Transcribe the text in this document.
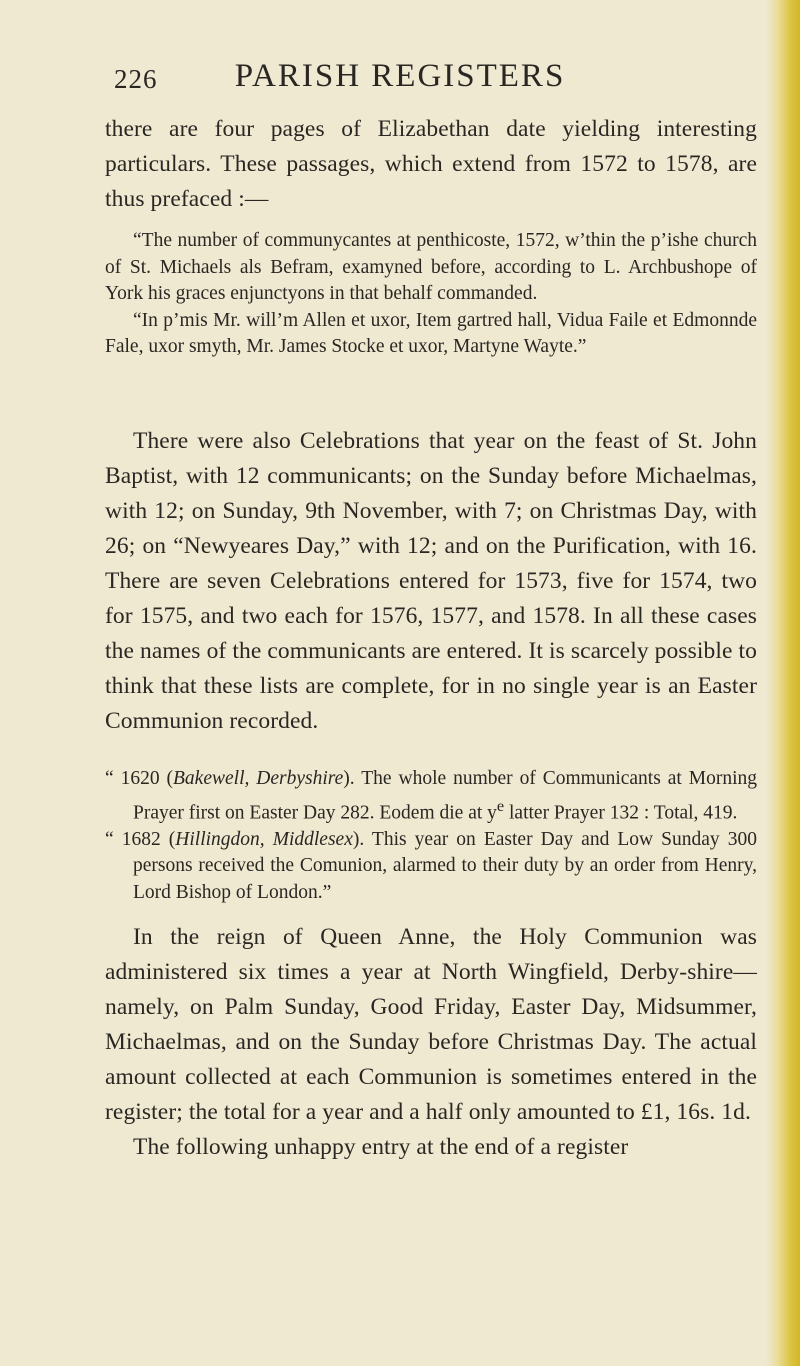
226	PARISH REGISTERS

there are four pages of Elizabethan date yielding interesting particulars. These passages, which extend from 1572 to 1578, are thus prefaced :—

“The number of communycantes at penthicoste, 1572, w’thin the p’ishe church of St. Michaels als Befram, examyned before, according to L. Archbushope of York his graces enjunctyons in that behalf commanded.

“In p’mis Mr. will’m Allen et uxor, Item gartred hall, Vidua Faile et Edmonnde Fale, uxor smyth, Mr. James Stocke et uxor, Martyne Wayte.”

There were also Celebrations that year on the feast of St. John Baptist, with 12 communicants; on the Sunday before Michaelmas, with 12; on Sunday, 9th November, with 7; on Christmas Day, with 26; on “Newyeares Day,” with 12; and on the Purification, with 16. There are seven Celebrations entered for 1573, five for 1574, two for 1575, and two each for 1576, 1577, and 1578. In all these cases the names of the communicants are entered. It is scarcely possible to think that these lists are complete, for in no single year is an Easter Communion recorded.

“ 1620 (Bakewell, Derbyshire). The whole number of Communicants at Morning Prayer first on Easter Day 282. Eodem die at $y^e$ latter Prayer 132 : Total, 419.

“ 1682 (Hillingdon, Middlesex). This year on Easter Day and Low Sunday 300 persons received the Comunion, alarmed to their duty by an order from Henry, Lord Bishop of London.”

In the reign of Queen Anne, the Holy Communion was administered six times a year at North Wingfield, Derby-shire—namely, on Palm Sunday, Good Friday, Easter Day, Midsummer, Michaelmas, and on the Sunday before Christmas Day. The actual amount collected at each Communion is sometimes entered in the register; the total for a year and a half only amounted to £1, 16s. 1d.

The following unhappy entry at the end of a register
